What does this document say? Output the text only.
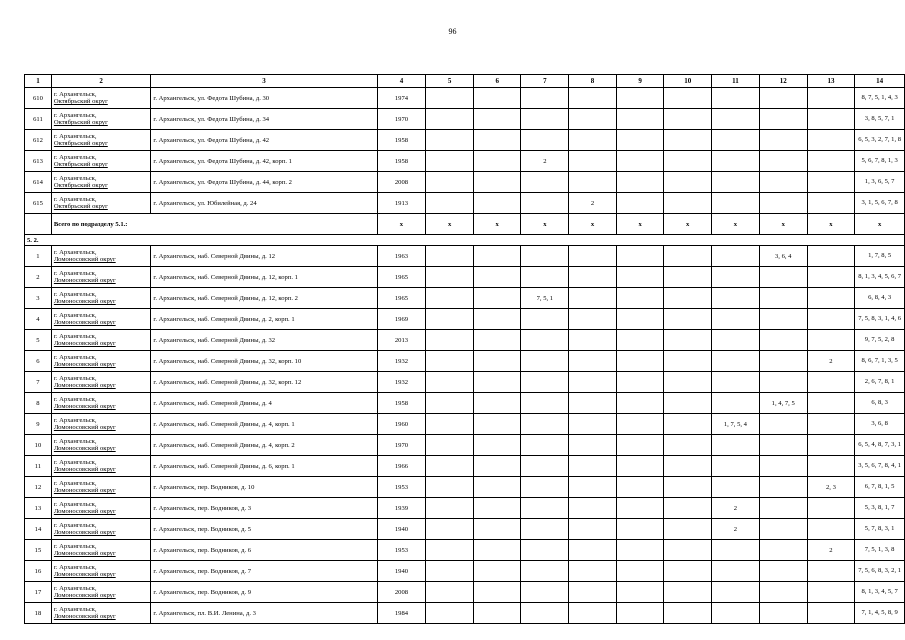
96
1	2	3	4	5	6	7	8	9	10	11	12	13	14
610	г. Архангельск,
Октябрьский округ	г. Архангельск, ул. Федота Шубина, д. 30	1974										8, 7, 5, 1, 4, 3
611	г. Архангельск,
Октябрьский округ	г. Архангельск, ул. Федота Шубина, д. 34	1970										3, 8, 5, 7, 1
612	г. Архангельск,
Октябрьский округ	г. Архангельск, ул. Федота Шубина, д. 42	1958										6, 5, 3, 2, 7, 1, 8
613	г. Архангельск,
Октябрьский округ	г. Архангельск, ул. Федота Шубина, д. 42, корп. 1	1958			2							5, 6, 7, 8, 1, 3
614	г. Архангельск,
Октябрьский округ	г. Архангельск, ул. Федота Шубина, д. 44, корп. 2	2008										1, 3, 6, 5, 7
615	г. Архангельск,
Октябрьский округ	г. Архангельск, ул. Юбилейная, д. 24	1913				2						3, 1, 5, 6, 7, 8
	Всего по подразделу 5.1.:		х	х	х	х	х	х	х	х	х	х	х
5. 2.													
1	г. Архангельск,
Ломоносовский округ	г. Архангельск, наб. Северной Двины, д. 12	1963								3, 6, 4		1, 7, 8, 5
2	г. Архангельск,
Ломоносовский округ	г. Архангельск, наб. Северной Двины, д. 12, корп. 1	1965										8, 1, 3, 4, 5, 6, 7
3	г. Архангельск,
Ломоносовский округ	г. Архангельск, наб. Северной Двины, д. 12, корп. 2	1965			7, 5, 1							6, 8, 4, 3
4	г. Архангельск,
Ломоносовский округ	г. Архангельск, наб. Северной Двины, д. 2, корп. 1	1969										7, 5, 8, 3, 1, 4, 6
5	г. Архангельск,
Ломоносовский округ	г. Архангельск, наб. Северной Двины, д. 32	2013										9, 7, 5, 2, 8
6	г. Архангельск,
Ломоносовский округ	г. Архангельск, наб. Северной Двины, д. 32, корп. 10	1932									2	8, 6, 7, 1, 3, 5
7	г. Архангельск,
Ломоносовский округ	г. Архангельск, наб. Северной Двины, д. 32, корп. 12	1932										2, 6, 7, 8, 1
8	г. Архангельск,
Ломоносовский округ	г. Архангельск, наб. Северной Двины, д. 4	1958								1, 4, 7, 5		6, 8, 3
9	г. Архангельск,
Ломоносовский округ	г. Архангельск, наб. Северной Двины, д. 4, корп. 1	1960							1, 7, 5, 4			3, 6, 8
10	г. Архангельск,
Ломоносовский округ	г. Архангельск, наб. Северной Двины, д. 4, корп. 2	1970										6, 5, 4, 8, 7, 3, 1
11	г. Архангельск,
Ломоносовский округ	г. Архангельск, наб. Северной Двины, д. 6, корп. 1	1966										3, 5, 6, 7, 8, 4, 1
12	г. Архангельск,
Ломоносовский округ	г. Архангельск, пер. Водников, д. 10	1953									2, 3	6, 7, 8, 1, 5
13	г. Архангельск,
Ломоносовский округ	г. Архангельск, пер. Водников, д. 3	1939							2			5, 3, 8, 1, 7
14	г. Архангельск,
Ломоносовский округ	г. Архангельск, пер. Водников, д. 5	1940							2			5, 7, 8, 3, 1
15	г. Архангельск,
Ломоносовский округ	г. Архангельск, пер. Водников, д. 6	1953									2	7, 5, 1, 3, 8
16	г. Архангельск,
Ломоносовский округ	г. Архангельск, пер. Водников, д. 7	1940										7, 5, 6, 8, 3, 2, 1
17	г. Архангельск,
Ломоносовский округ	г. Архангельск, пер. Водников, д. 9	2008										8, 1, 3, 4, 5, 7
18	г. Архангельск,
Ломоносовский округ	г. Архангельск, пл. В.И. Ленина, д. 3	1984										7, 1, 4, 5, 8, 9
